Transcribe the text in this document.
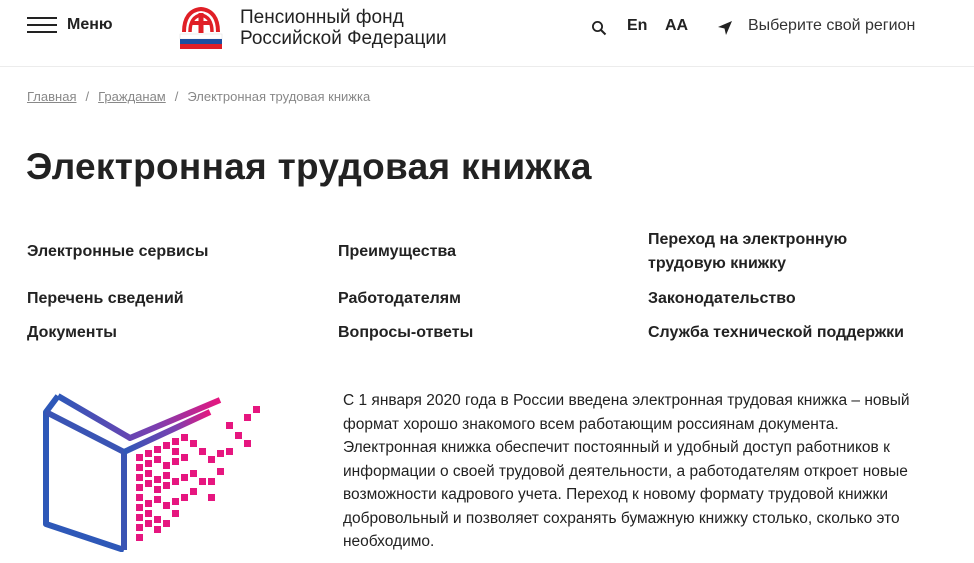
Меню	Пенсионный фонд
Российской Федерации
En АА	Выберите свой регион
Главная / Гражданам / Электронная трудовая книжка
Электронная трудовая книжка
Электронные сервисы
Перечень сведений
Документы
Преимущества
Работодателям
Вопросы-ответы
Переход на электронную
трудовую книжку
Законодательство
Служба технической поддержки

С 1 января 2020 года в России введена электронная трудовая книжка – новый формат хорошо знакомого всем работающим россиянам документа. Электронная книжка обеспечит постоянный и удобный доступ работников к информации о своей трудовой деятельности, а работодателям откроет новые возможности кадрового учета. Переход к новому формату трудовой книжки добровольный и позволяет сохранять бумажную книжку столько, сколько это необходимо.
